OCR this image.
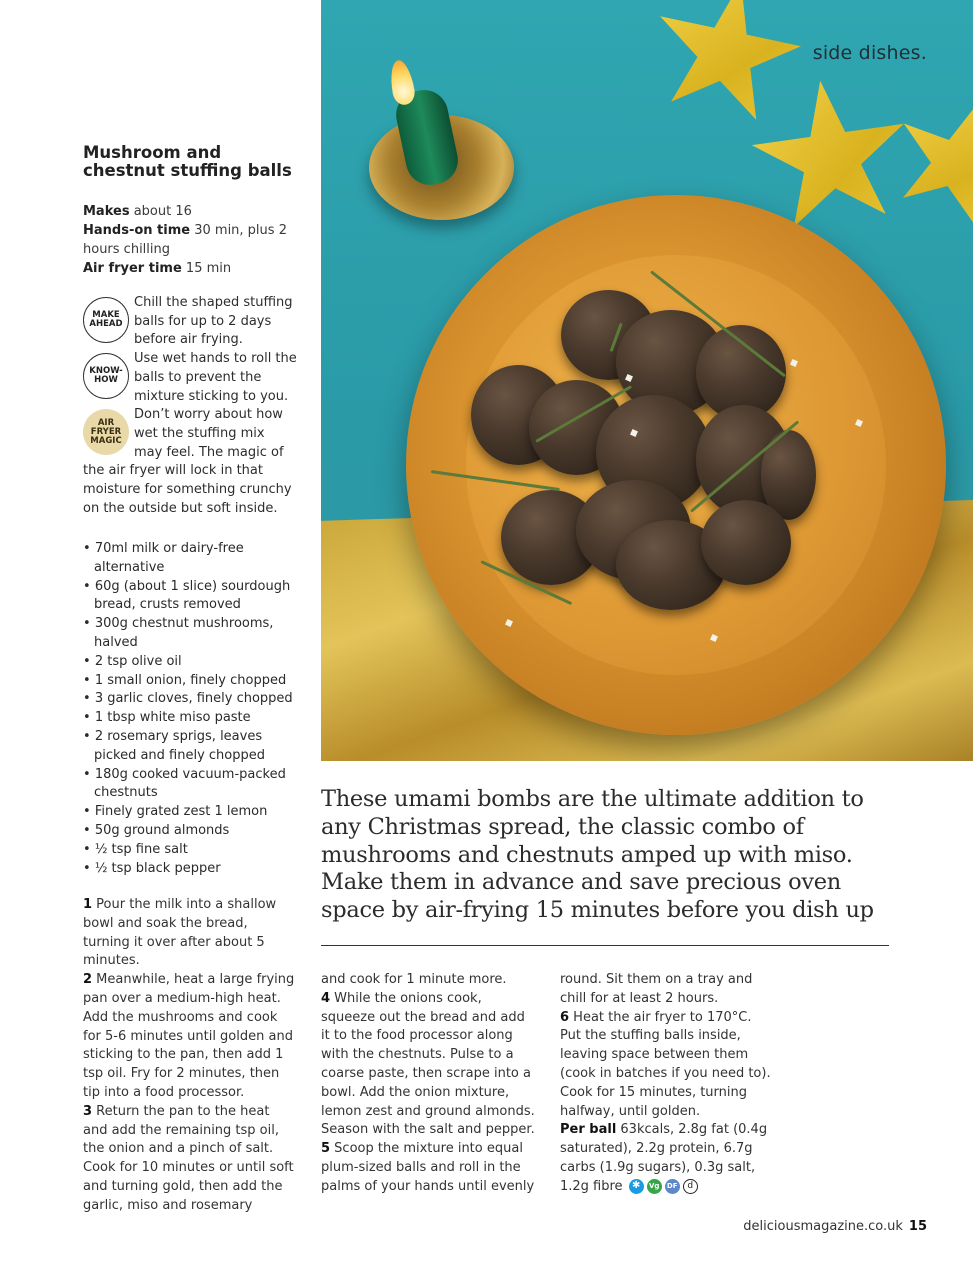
side dishes.
Mushroom and chestnut stuffing balls
Makes about 16
Hands-on time 30 min, plus 2 hours chilling
Air fryer time 15 min
MAKE AHEAD
Chill the shaped stuffing balls for up to 2 days before air frying.
KNOW-HOW
Use wet hands to roll the balls to prevent the mixture sticking to you.
AIR FRYER MAGIC
Don’t worry about how wet the stuffing mix may feel. The magic of the air fryer will lock in that moisture for something crunchy on the outside but soft inside.
• 70ml milk or dairy-free alternative
• 60g (about 1 slice) sourdough bread, crusts removed
• 300g chestnut mushrooms, halved
• 2 tsp olive oil
• 1 small onion, finely chopped
• 3 garlic cloves, finely chopped
• 1 tbsp white miso paste
• 2 rosemary sprigs, leaves picked and finely chopped
• 180g cooked vacuum-packed chestnuts
• Finely grated zest 1 lemon
• 50g ground almonds
• ½ tsp fine salt
• ½ tsp black pepper
These umami bombs are the ultimate addition to any Christmas spread, the classic combo of mushrooms and chestnuts amped up with miso. Make them in advance and save precious oven space by air-frying 15 minutes before you dish up
1 Pour the milk into a shallow bowl and soak the bread, turning it over after about 5 minutes.
2 Meanwhile, heat a large frying pan over a medium-high heat. Add the mushrooms and cook for 5-6 minutes until golden and sticking to the pan, then add 1 tsp oil. Fry for 2 minutes, then tip into a food processor.
3 Return the pan to the heat and add the remaining tsp oil, the onion and a pinch of salt. Cook for 10 minutes or until soft and turning gold, then add the garlic, miso and rosemary
and cook for 1 minute more.
4 While the onions cook, squeeze out the bread and add it to the food processor along with the chestnuts. Pulse to a coarse paste, then scrape into a bowl. Add the onion mixture, lemon zest and ground almonds. Season with the salt and pepper.
5 Scoop the mixture into equal plum-sized balls and roll in the palms of your hands until evenly
round. Sit them on a tray and chill for at least 2 hours.
6 Heat the air fryer to 170°C. Put the stuffing balls inside, leaving space between them (cook in batches if you need to). Cook for 15 minutes, turning halfway, until golden.
Per ball 63kcals, 2.8g fat (0.4g saturated), 2.2g protein, 6.7g carbs (1.9g sugars), 0.3g salt, 1.2g fibre ✱	Vg	DF	d
deliciousmagazine.co.uk 15
